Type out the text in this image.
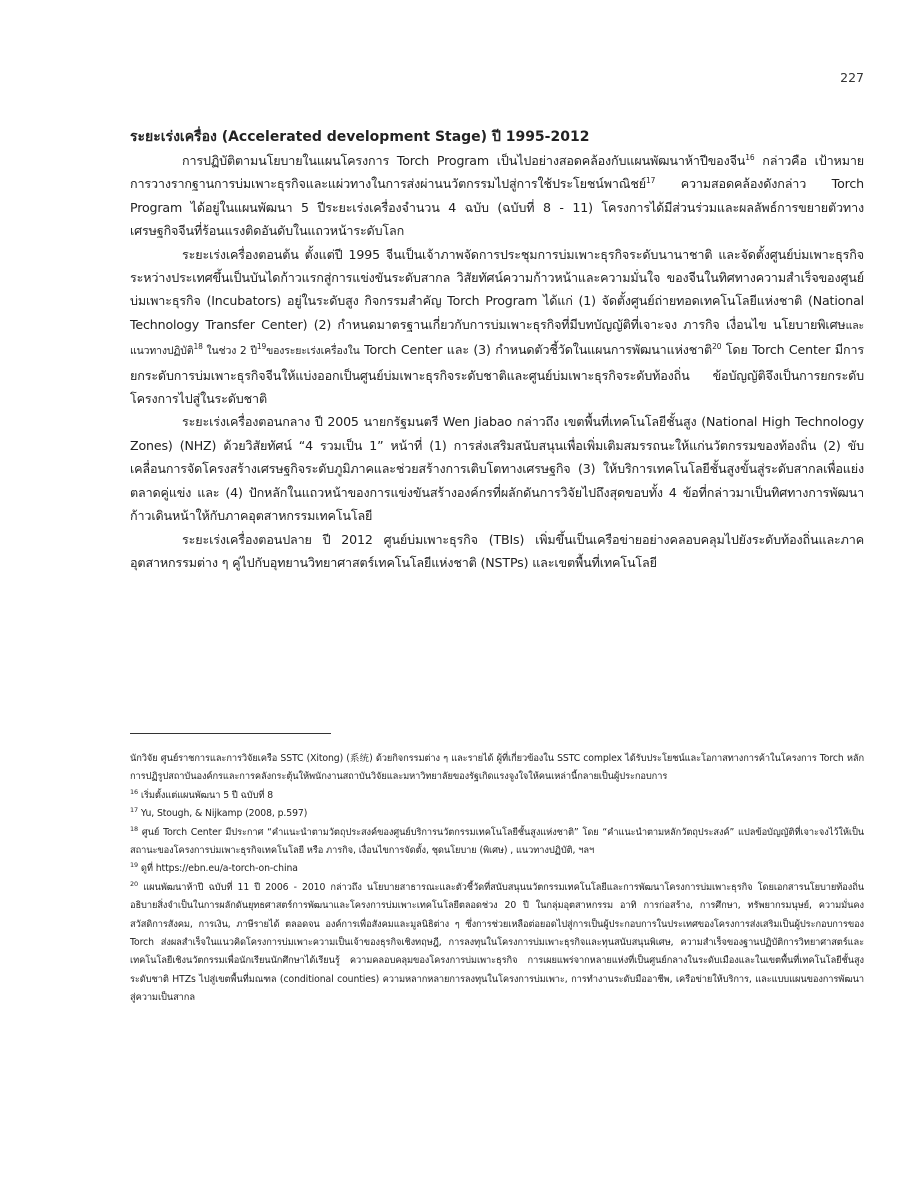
227

ระยะเร่งเครื่อง (Accelerated development Stage) ปี 1995-2012

การปฏิบัติตามนโยบายในแผนโครงการ Torch Program เป็นไปอย่างสอดคล้องกับแผนพัฒนาห้าปีของจีน$^{16}$ กล่าวคือ เป้าหมายการวางรากฐานการบ่มเพาะธุรกิจและแผ่วทางในการส่งผ่านนวัตกรรมไปสู่การใช้ประโยชน์พาณิชย์$^{17}$ ความสอดคล้องดังกล่าว Torch Program ได้อยู่ในแผนพัฒนา 5 ปีระยะเร่งเครื่องจำนวน 4 ฉบับ (ฉบับที่ 8 - 11) โครงการได้มีส่วนร่วมและผลลัพธ์การขยายตัวทางเศรษฐกิจจีนที่ร้อนแรงติดอันดับในแถวหน้าระดับโลก

ระยะเร่งเครื่องตอนต้น ตั้งแต่ปี 1995 จีนเป็นเจ้าภาพจัดการประชุมการบ่มเพาะธุรกิจระดับนานาชาติ และจัดตั้งศูนย์บ่มเพาะธุรกิจระหว่างประเทศขึ้นเป็นบันไดก้าวแรกสู่การแข่งขันระดับสากล วิสัยทัศน์ความก้าวหน้าและความมั่นใจ ของจีนในทิศทางความสำเร็จของศูนย์บ่มเพาะธุรกิจ (Incubators) อยู่ในระดับสูง กิจกรรมสำคัญ Torch Program ได้แก่ (1) จัดตั้งศูนย์ถ่ายทอดเทคโนโลยีแห่งชาติ (National Technology Transfer Center) (2) กำหนดมาตรฐานเกี่ยวกับการบ่มเพาะธุรกิจที่มีบทบัญญัติที่เจาะจง ภารกิจ เงื่อนไข นโยบายพิเศษและแนวทางปฏิบัติ$^{18}$ ในช่วง 2 ปี$^{19}$ของระยะเร่งเครื่องใน Torch Center และ (3) กำหนดตัวชี้วัดในแผนการพัฒนาแห่งชาติ$^{20}$ โดย Torch Center มีการยกระดับการบ่มเพาะธุรกิจจีนให้แบ่งออกเป็นศูนย์บ่มเพาะธุรกิจระดับชาติและศูนย์บ่มเพาะธุรกิจระดับท้องถิ่น ข้อบัญญัติจึงเป็นการยกระดับโครงการไปสู่ในระดับชาติ

ระยะเร่งเครื่องตอนกลาง ปี 2005 นายกรัฐมนตรี Wen Jiabao กล่าวถึง เขตพื้นที่เทคโนโลยีชั้นสูง (National High Technology Zones) (NHZ) ด้วยวิสัยทัศน์ “4 รวมเป็น 1” หน้าที่ (1) การส่งเสริมสนับสนุนเพื่อเพิ่มเติมสมรรถนะให้แก่นวัตกรรมของท้องถิ่น (2) ขับเคลื่อนการจัดโครงสร้างเศรษฐกิจระดับภูมิภาคและช่วยสร้างการเติบโตทางเศรษฐกิจ (3) ให้บริการเทคโนโลยีชั้นสูงขั้นสู่ระดับสากลเพื่อแย่งตลาดคู่แข่ง และ (4) ปักหลักในแถวหน้าของการแข่งขันสร้างองค์กรที่ผลักดันการวิจัยไปถึงสุดขอบทั้ง 4 ข้อที่กล่าวมาเป็นทิศทางการพัฒนาก้าวเดินหน้าให้กับภาคอุตสาหกรรมเทคโนโลยี

ระยะเร่งเครื่องตอนปลาย ปี 2012 ศูนย์บ่มเพาะธุรกิจ (TBIs) เพิ่มขึ้นเป็นเครือข่ายอย่างคลอบคลุมไปยังระดับท้องถิ่นและภาคอุตสาหกรรมต่าง ๆ คู่ไปกับอุทยานวิทยาศาสตร์เทคโนโลยีแห่งชาติ (NSTPs) และเขตพื้นที่เทคโนโลยี

นักวิจัย ศูนย์ราชการและการวิจัยเครือ SSTC (Xitong) (系统) ด้วยกิจกรรมต่าง ๆ และรายได้ ผู้ที่เกี่ยวข้องใน SSTC complex ได้รับประโยชน์และโอกาสทางการค้าในโครงการ Torch หลักการปฏิรูปสถาบันองค์กรและการคลังกระตุ้นให้พนักงานสถาบันวิจัยและมหาวิทยาลัยของรัฐเกิดแรงจูงใจให้คนเหล่านี้กลายเป็นผู้ประกอบการ

$^{16}$ เริ่มตั้งแต่แผนพัฒนา 5 ปี ฉบับที่ 8

$^{17}$ Yu, Stough, & Nijkamp (2008, p.597)

$^{18}$ ศูนย์ Torch Center มีประกาศ “คำแนะนำตามวัตถุประสงค์ของศูนย์บริการนวัตกรรมเทคโนโลยีชั้นสูงแห่งชาติ” โดย “คำแนะนำตามหลักวัตถุประสงค์” แปลข้อบัญญัติที่เจาะจงไว้ให้เป็นสถานะของโครงการบ่มเพาะธุรกิจเทคโนโลยี หรือ ภารกิจ, เงื่อนไขการจัดตั้ง, ชุดนโยบาย (พิเศษ) , แนวทางปฏิบัติ, ฯลฯ

$^{19}$ ดูที่ https://ebn.eu/a-torch-on-china

$^{20}$ แผนพัฒนาห้าปี ฉบับที่ 11 ปี 2006 - 2010 กล่าวถึง นโยบายสาธารณะและตัวชี้วัดที่สนับสนุนนวัตกรรมเทคโนโลยีและการพัฒนาโครงการบ่มเพาะธุรกิจ โดยเอกสารนโยบายท้องถิ่นอธิบายสิ่งจำเป็นในการผลักดันยุทธศาสตร์การพัฒนาและโครงการบ่มเพาะเทคโนโลยีตลอดช่วง 20 ปี ในกลุ่มอุตสาหกรรม อาทิ การก่อสร้าง, การศึกษา, ทรัพยากรมนุษย์, ความมั่นคงสวัสดิการสังคม, การเงิน, ภาษีรายได้ ตลอดจน องค์การเพื่อสังคมและมูลนิธิต่าง ๆ ซึ่งการช่วยเหลือต่อยอดไปสู่การเป็นผู้ประกอบการในประเทศของโครงการส่งเสริมเป็นผู้ประกอบการของ Torch ส่งผลสำเร็จในแนวคิดโครงการบ่มเพาะความเป็นเจ้าของธุรกิจเชิงทฤษฎี, การลงทุนในโครงการบ่มเพาะธุรกิจและทุนสนับสนุนพิเศษ, ความสำเร็จของฐานปฏิบัติการวิทยาศาสตร์และเทคโนโลยีเชิงนวัตกรรมเพื่อนักเรียนนักศึกษาได้เรียนรู้ ความคลอบคลุมของโครงการบ่มเพาะธุรกิจ การเผยแพร่จากหลายแห่งที่เป็นศูนย์กลางในระดับเมืองและในเขตพื้นที่เทคโนโลยีชั้นสูงระดับชาติ HTZs ไปสู่เขตพื้นที่มณฑล (conditional counties) ความหลากหลายการลงทุนในโครงการบ่มเพาะ, การทำงานระดับมืออาชีพ, เครือข่ายให้บริการ, และแบบแผนของการพัฒนาสู่ความเป็นสากล
